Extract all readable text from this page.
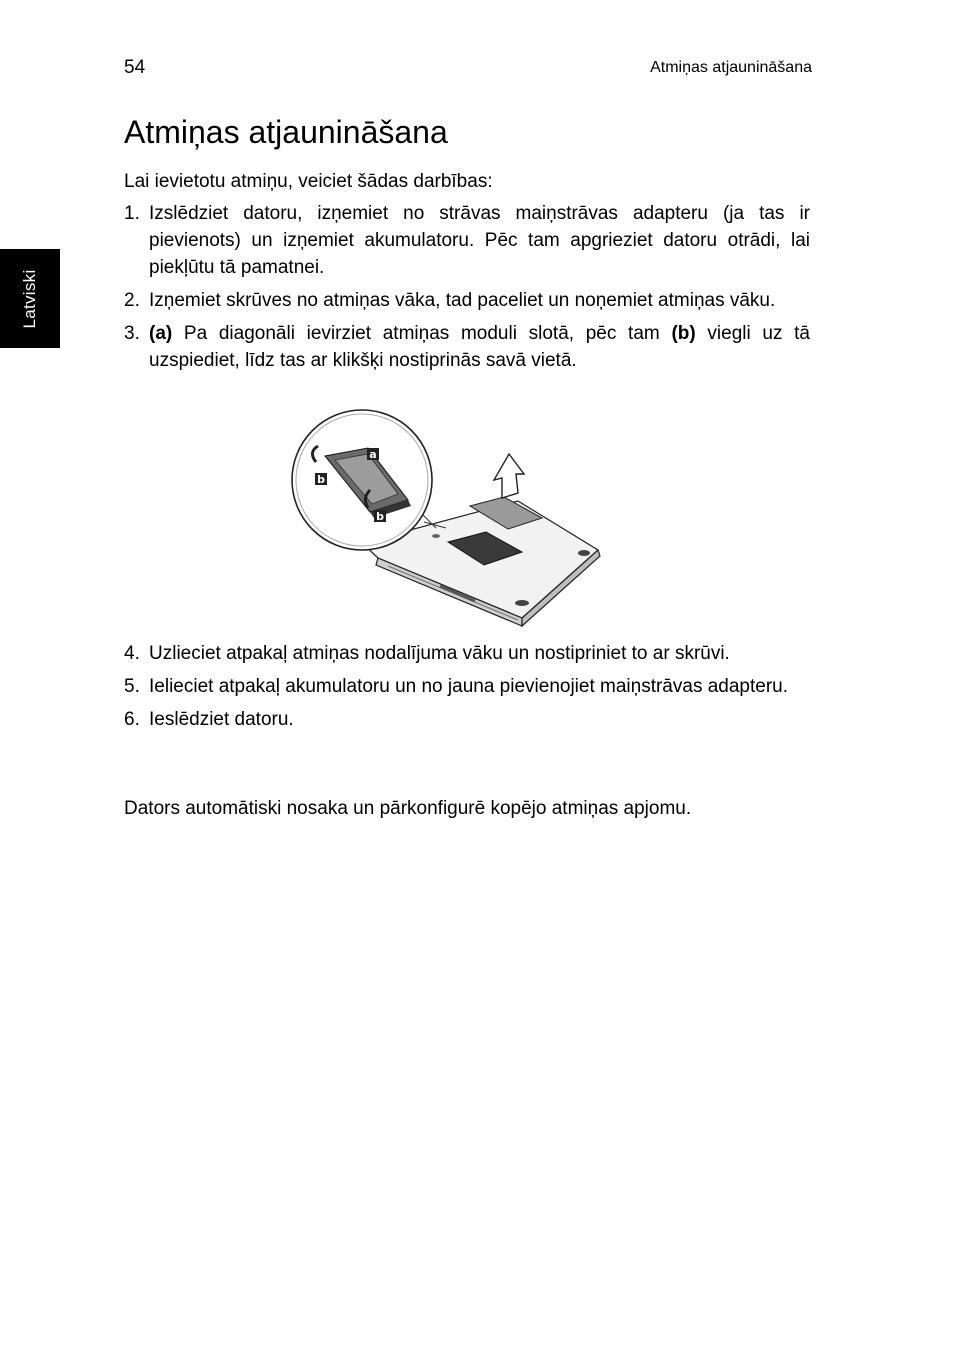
54	Atmiņas atjaunināšana
Latviski
Atmiņas atjaunināšana

Lai ievietotu atmiņu, veiciet šādas darbības:

1. Izslēdziet datoru, izņemiet no strāvas maiņstrāvas adapteru (ja tas ir pievienots) un izņemiet akumulatoru. Pēc tam apgrieziet datoru otrādi, lai piekļūtu tā pamatnei.
2. Izņemiet skrūves no atmiņas vāka, tad paceliet un noņemiet atmiņas vāku.
3. (a) Pa diagonāli ievirziet atmiņas moduli slotā, pēc tam (b) viegli uz tā uzspiediet, līdz tas ar klikšķi nostiprinās savā vietā.
a
b
b
4. Uzlieciet atpakaļ atmiņas nodalījuma vāku un nostipriniet to ar skrūvi.
5. Ielieciet atpakaļ akumulatoru un no jauna pievienojiet maiņstrāvas adapteru.
6. Ieslēdziet datoru.

Dators automātiski nosaka un pārkonfigurē kopējo atmiņas apjomu.
